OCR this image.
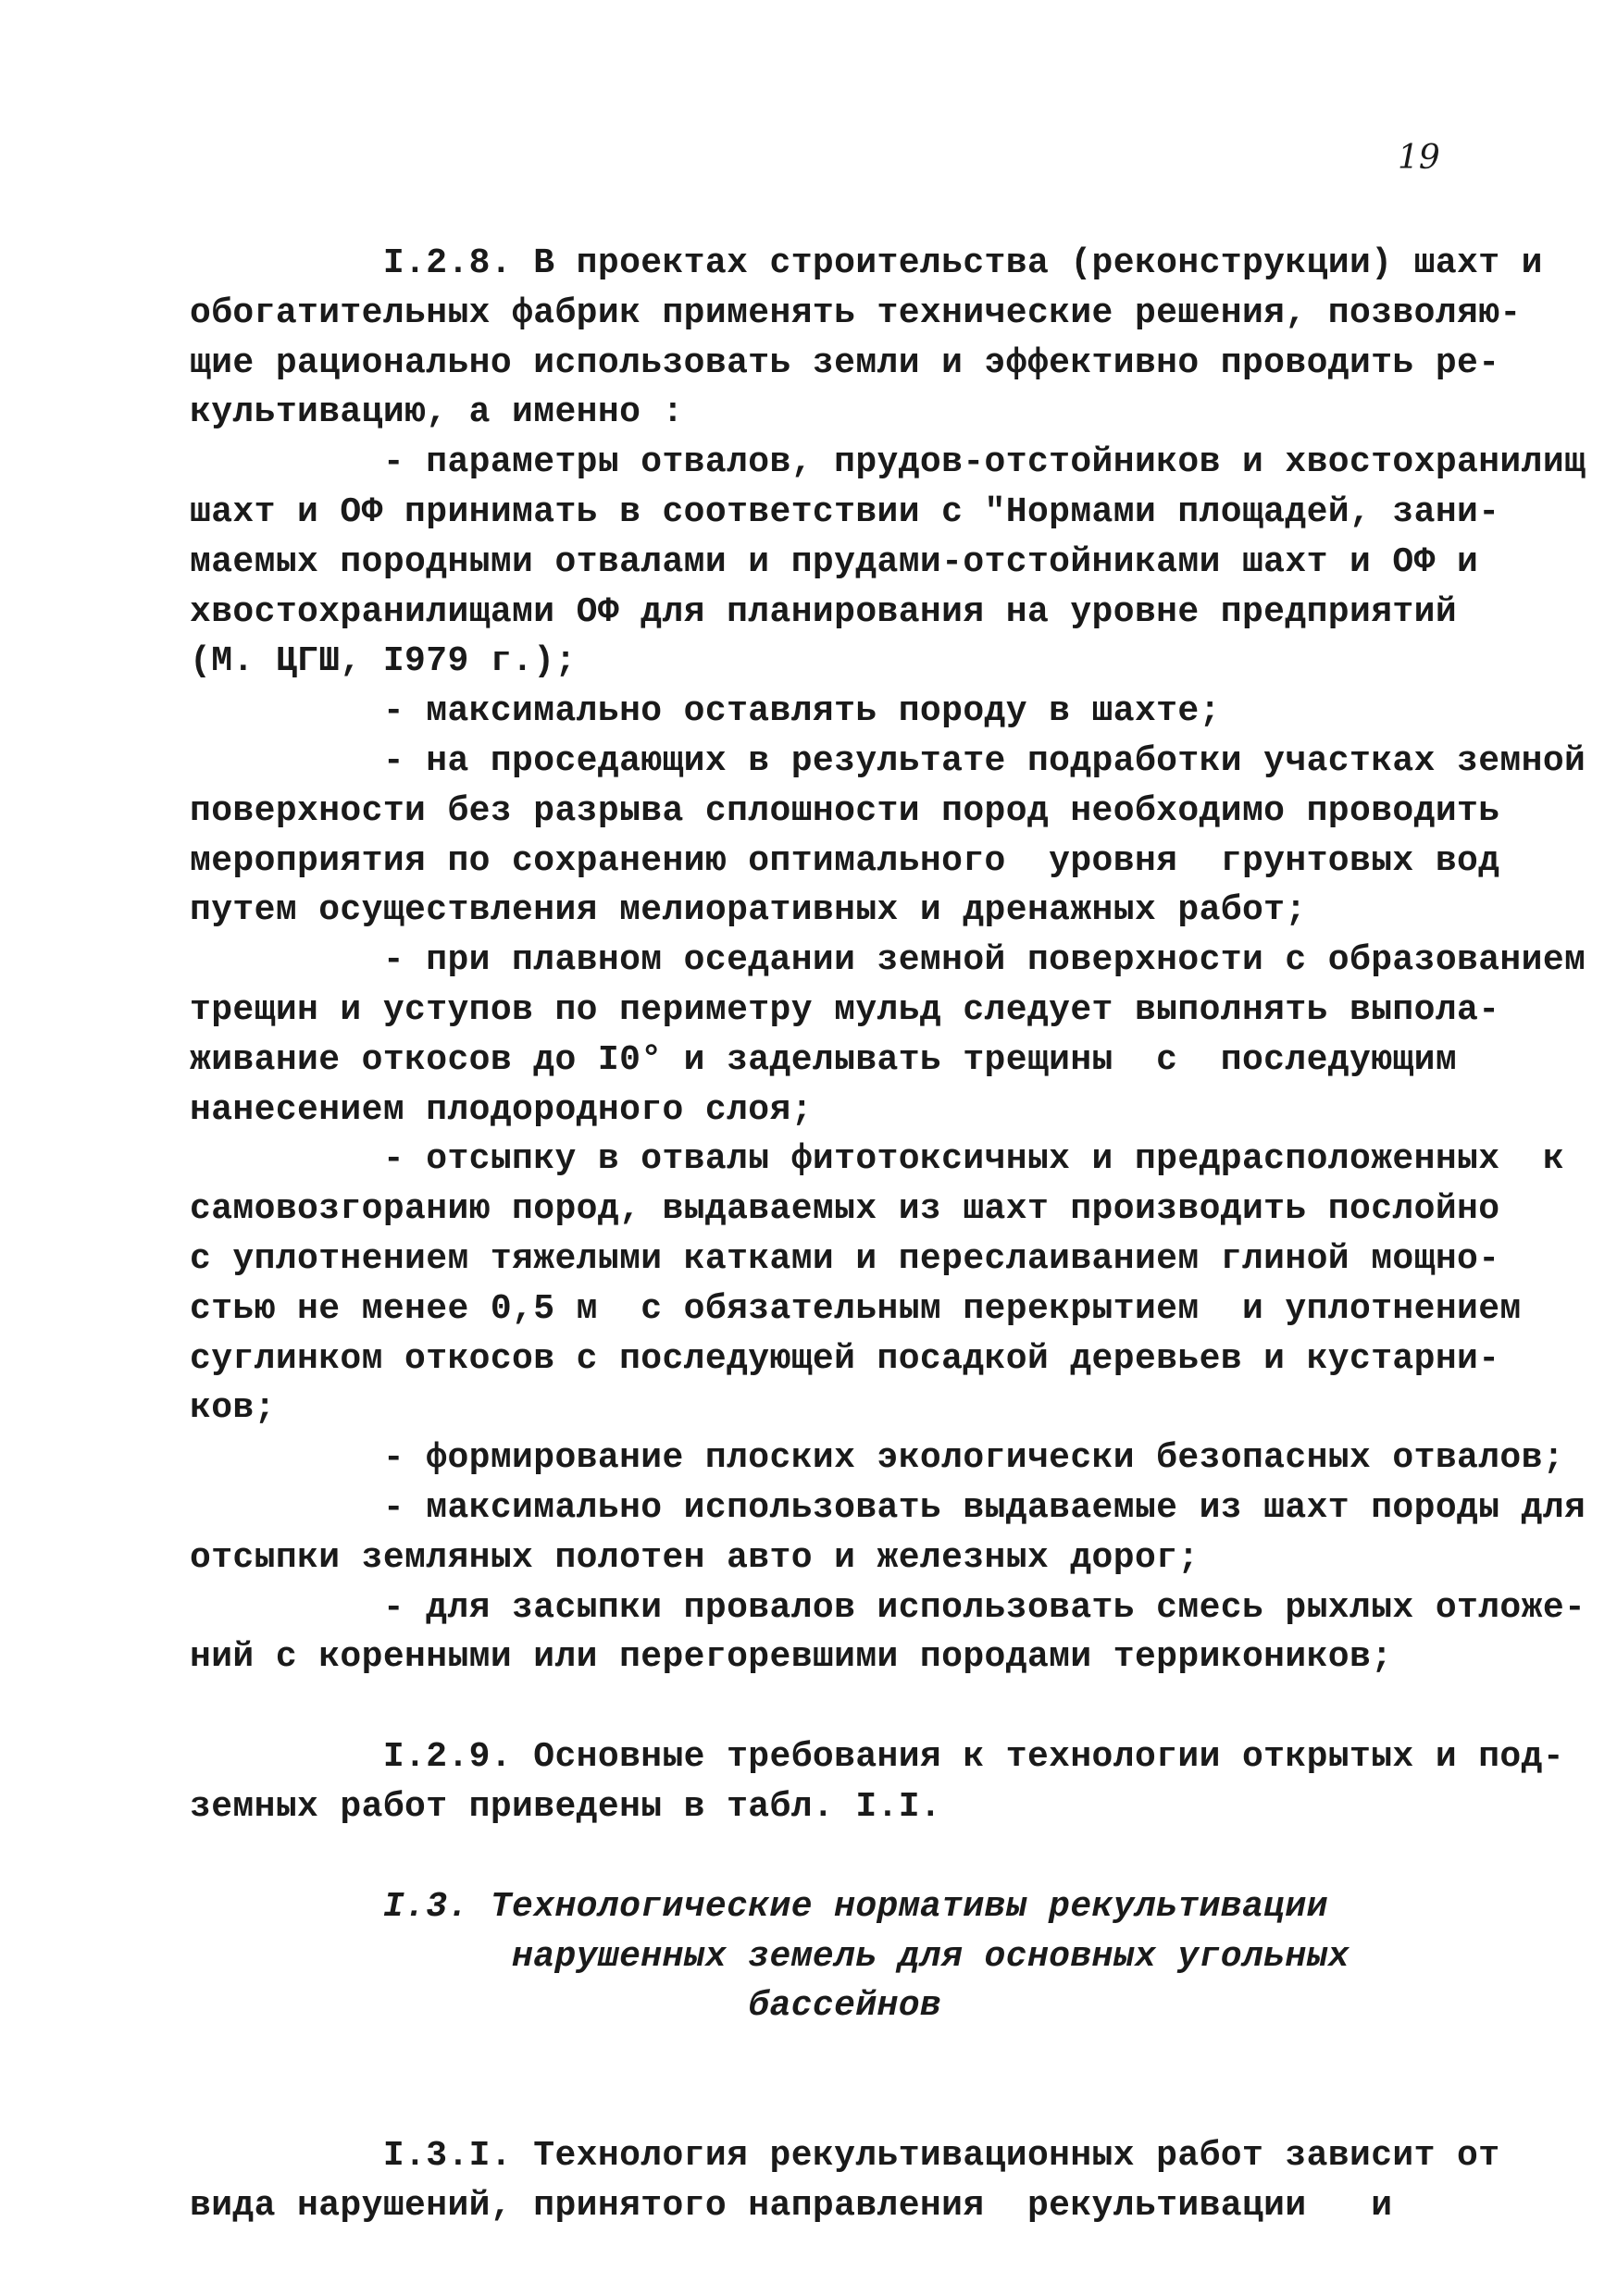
19
I.2.8. В проектах строительства (реконструкции) шахт и
обогатительных фабрик применять технические решения, позволяю-
щие рационально использовать земли и эффективно проводить ре-
культивацию, а именно :
- параметры отвалов, прудов-отстойников и хвостохранилищ
шахт и ОФ принимать в соответствии с "Нормами площадей, зани-
маемых породными отвалами и прудами-отстойниками шахт и ОФ и
хвостохранилищами ОФ для планирования на уровне предприятий
(М. ЦГШ, I979 г.);
- максимально оставлять породу в шахте;
- на проседающих в результате подработки участках земной
поверхности без разрыва сплошности пород необходимо проводить
мероприятия по сохранению оптимального  уровня  грунтовых вод
путем осуществления мелиоративных и дренажных работ;
- при плавном оседании земной поверхности с образованием
трещин и уступов по периметру мульд следует выполнять выпола-
живание откосов до I0° и заделывать трещины  с  последующим
нанесением плодородного слоя;
- отсыпку в отвалы фитотоксичных и предрасположенных  к
самовозгоранию пород, выдаваемых из шахт производить послойно
с уплотнением тяжелыми катками и переслаиванием глиной мощно-
стью не менее 0,5 м  с обязательным перекрытием  и уплотнением
суглинком откосов с последующей посадкой деревьев и кустарни-
ков;
- формирование плоских экологически безопасных отвалов;
- максимально использовать выдаваемые из шахт породы для
отсыпки земляных полотен авто и железных дорог;
- для засыпки провалов использовать смесь рыхлых отложе-
ний с коренными или перегоревшими породами террикоников;
I.2.9. Основные требования к технологии открытых и под-
земных работ приведены в табл. I.I.
I.3. Технологические нормативы рекультивации
нарушенных земель для основных угольных
бассейнов
I.3.I. Технология рекультивационных работ зависит от
вида нарушений, принятого направления  рекультивации   и
